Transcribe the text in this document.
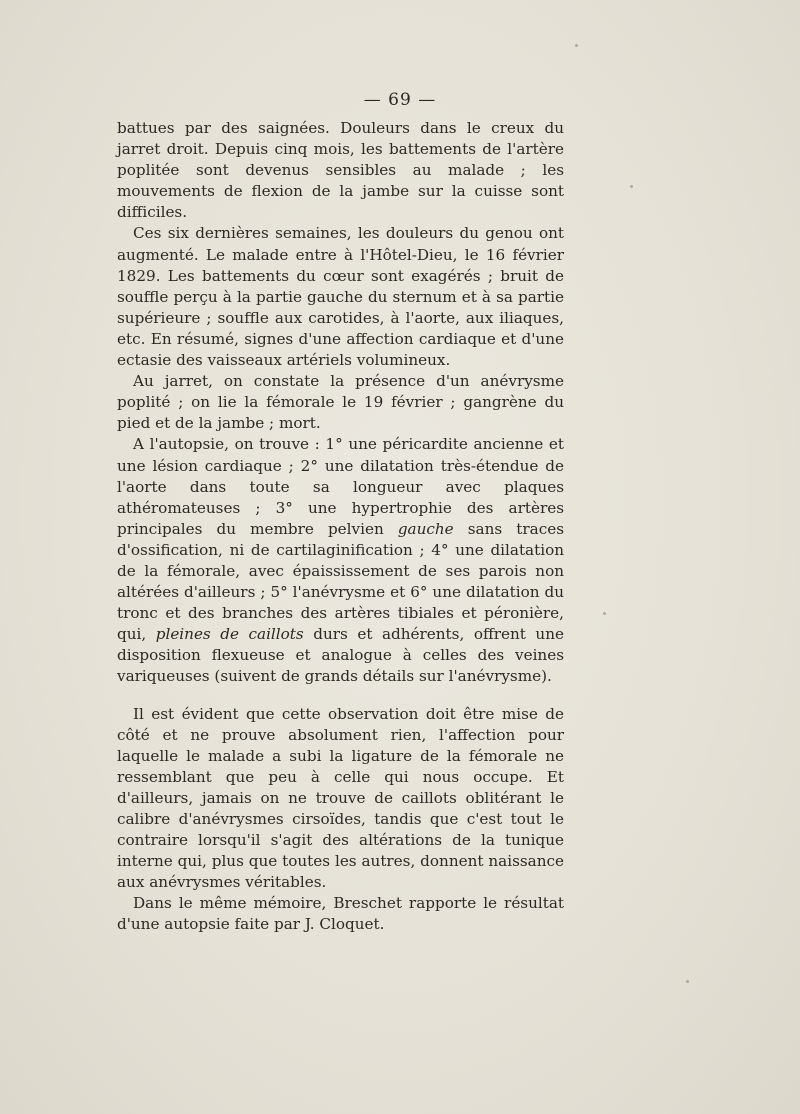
— 69 —

battues par des saignées. Douleurs dans le creux du jarret droit. Depuis cinq mois, les battements de l'artère poplitée sont devenus sensibles au malade ; les mouvements de flexion de la jambe sur la cuisse sont difficiles.

Ces six dernières semaines, les douleurs du genou ont augmenté. Le malade entre à l'Hôtel-Dieu, le 16 février 1829. Les battements du cœur sont exagérés ; bruit de souffle perçu à la partie gauche du sternum et à sa partie supérieure ; souffle aux carotides, à l'aorte, aux iliaques, etc. En résumé, signes d'une affection cardiaque et d'une ectasie des vaisseaux artériels volumineux.

Au jarret, on constate la présence d'un anévrysme poplité ; on lie la fémorale le 19 février ; gangrène du pied et de la jambe ; mort.

A l'autopsie, on trouve : 1° une péricardite ancienne et une lésion cardiaque ; 2° une dilatation très-étendue de l'aorte dans toute sa longueur avec plaques athéromateuses ; 3° une hypertrophie des artères principales du membre pelvien gauche sans traces d'ossification, ni de cartilaginification ; 4° une dilatation de la fémorale, avec épaississement de ses parois non altérées d'ailleurs ; 5° l'anévrysme et 6° une dilatation du tronc et des branches des artères tibiales et péronière, qui, pleines de caillots durs et adhérents, offrent une disposition flexueuse et analogue à celles des veines variqueuses (suivent de grands détails sur l'anévrysme).

Il est évident que cette observation doit être mise de côté et ne prouve absolument rien, l'affection pour laquelle le malade a subi la ligature de la fémorale ne ressemblant que peu à celle qui nous occupe. Et d'ailleurs, jamais on ne trouve de caillots oblitérant le calibre d'anévrysmes cirsoïdes, tandis que c'est tout le contraire lorsqu'il s'agit des altérations de la tunique interne qui, plus que toutes les autres, donnent naissance aux anévrysmes véritables.

Dans le même mémoire, Breschet rapporte le résultat d'une autopsie faite par J. Cloquet.
